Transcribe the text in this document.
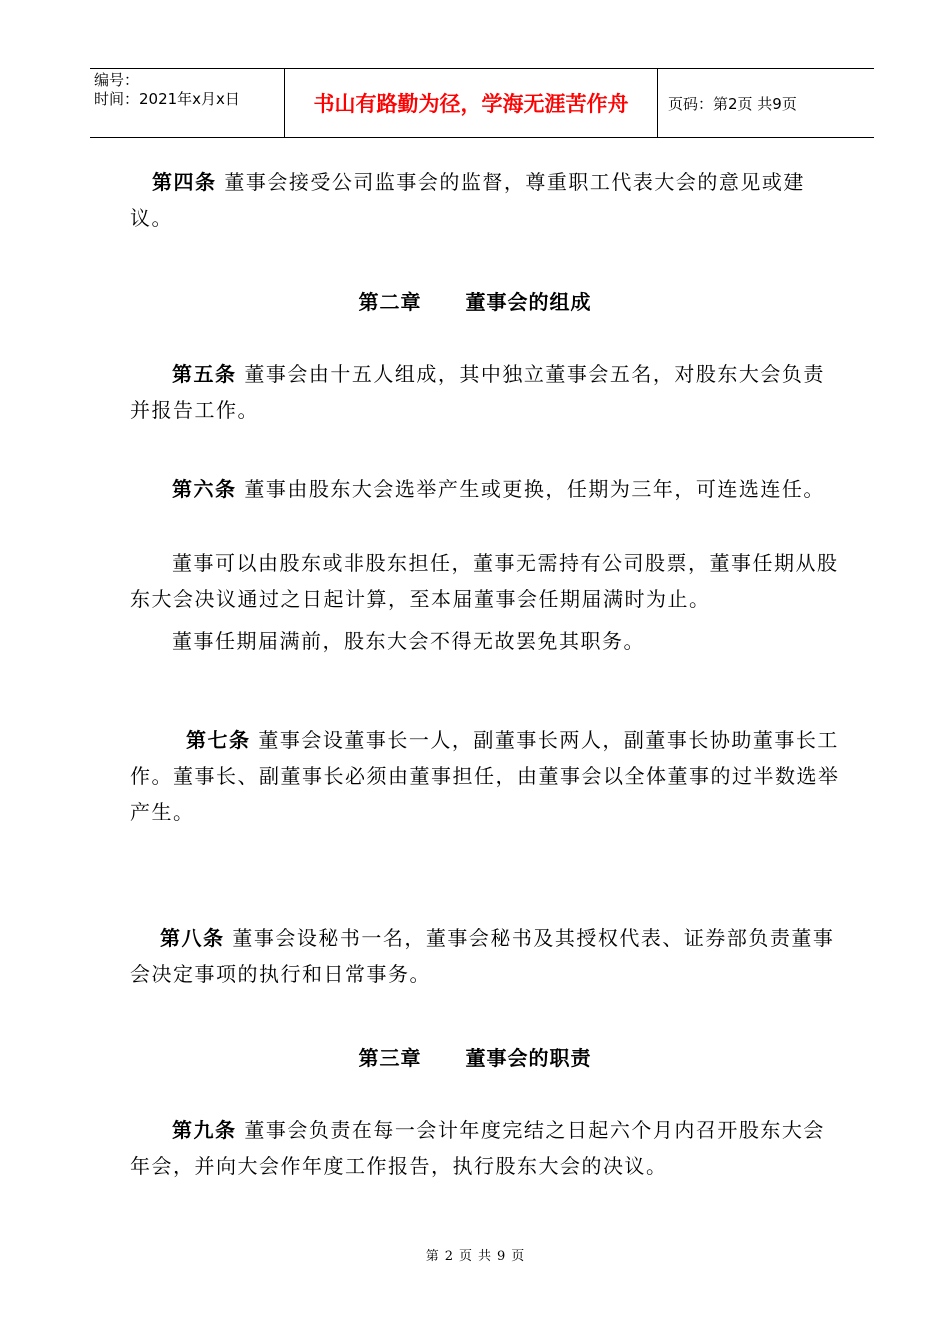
编号：
时间：2021年x月x日	书山有路勤为径，学海无涯苦作舟	页码：第2页 共9页
第四条 董事会接受公司监事会的监督，尊重职工代表大会的意见或建议。
第二章 董事会的组成
第五条 董事会由十五人组成，其中独立董事会五名，对股东大会负责并报告工作。
第六条 董事由股东大会选举产生或更换，任期为三年，可连选连任。
董事可以由股东或非股东担任，董事无需持有公司股票，董事任期从股东大会决议通过之日起计算，至本届董事会任期届满时为止。
董事任期届满前，股东大会不得无故罢免其职务。
第七条 董事会设董事长一人，副董事长两人，副董事长协助董事长工作。董事长、副董事长必须由董事担任，由董事会以全体董事的过半数选举产生。
第八条 董事会设秘书一名，董事会秘书及其授权代表、证券部负责董事会决定事项的执行和日常事务。
第三章 董事会的职责
第九条 董事会负责在每一会计年度完结之日起六个月内召开股东大会年会，并向大会作年度工作报告，执行股东大会的决议。
第 2 页 共 9 页
